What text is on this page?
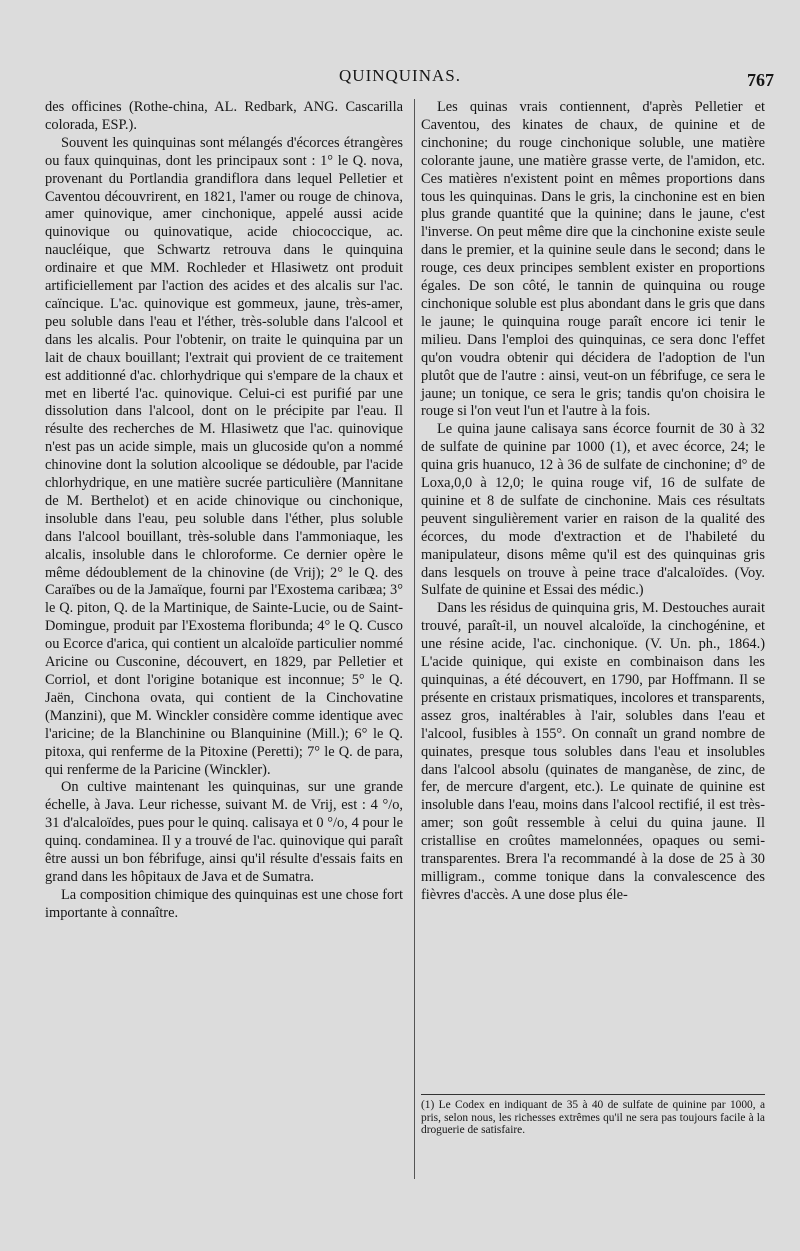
QUINQUINAS.	767

des officines (Rothe-china, AL. Redbark, ANG. Cascarilla colorada, ESP.).

Souvent les quinquinas sont mélangés d'écorces étrangères ou faux quinquinas, dont les principaux sont : 1° le Q. nova, provenant du Portlandia grandiflora dans lequel Pelletier et Caventou découvrirent, en 1821, l'amer ou rouge de chinova, amer quinovique, amer cinchonique, appelé aussi acide quinovique ou quinovatique, acide chiococcique, ac. naucléique, que Schwartz retrouva dans le quinquina ordinaire et que MM. Rochleder et Hlasiwetz ont produit artificiellement par l'action des acides et des alcalis sur l'ac. caïncique. L'ac. quinovique est gommeux, jaune, très-amer, peu soluble dans l'eau et l'éther, très-soluble dans l'alcool et dans les alcalis. Pour l'obtenir, on traite le quinquina par un lait de chaux bouillant; l'extrait qui provient de ce traitement est additionné d'ac. chlorhydrique qui s'empare de la chaux et met en liberté l'ac. quinovique. Celui-ci est purifié par une dissolution dans l'alcool, dont on le précipite par l'eau. Il résulte des recherches de M. Hlasiwetz que l'ac. quinovique n'est pas un acide simple, mais un glucoside qu'on a nommé chinovine dont la solution alcoolique se dédouble, par l'acide chlorhydrique, en une matière sucrée particulière (Mannitane de M. Berthelot) et en acide chinovique ou cinchonique, insoluble dans l'eau, peu soluble dans l'éther, plus soluble dans l'alcool bouillant, très-soluble dans l'ammoniaque, les alcalis, insoluble dans le chloroforme. Ce dernier opère le même dédoublement de la chinovine (de Vrij); 2° le Q. des Caraïbes ou de la Jamaïque, fourni par l'Exostema caribæa; 3° le Q. piton, Q. de la Martinique, de Sainte-Lucie, ou de Saint-Domingue, produit par l'Exostema floribunda; 4° le Q. Cusco ou Ecorce d'arica, qui contient un alcaloïde particulier nommé Aricine ou Cusconine, découvert, en 1829, par Pelletier et Corriol, et dont l'origine botanique est inconnue; 5° le Q. Jaën, Cinchona ovata, qui contient de la Cinchovatine (Manzini), que M. Winckler considère comme identique avec l'aricine; de la Blanchinine ou Blanquinine (Mill.); 6° le Q. pitoxa, qui renferme de la Pitoxine (Peretti); 7° le Q. de para, qui renferme de la Paricine (Winckler).

On cultive maintenant les quinquinas, sur une grande échelle, à Java. Leur richesse, suivant M. de Vrij, est : 4 °/o, 31 d'alcaloïdes, pues pour le quinq. calisaya et 0 °/o, 4 pour le quinq. condaminea. Il y a trouvé de l'ac. quinovique qui paraît être aussi un bon fébrifuge, ainsi qu'il résulte d'essais faits en grand dans les hôpitaux de Java et de Sumatra.

La composition chimique des quinquinas est une chose fort importante à connaître.

Les quinas vrais contiennent, d'après Pelletier et Caventou, des kinates de chaux, de quinine et de cinchonine; du rouge cinchonique soluble, une matière colorante jaune, une matière grasse verte, de l'amidon, etc. Ces matières n'existent point en mêmes proportions dans tous les quinquinas. Dans le gris, la cinchonine est en bien plus grande quantité que la quinine; dans le jaune, c'est l'inverse. On peut même dire que la cinchonine existe seule dans le premier, et la quinine seule dans le second; dans le rouge, ces deux principes semblent exister en proportions égales. De son côté, le tannin de quinquina ou rouge cinchonique soluble est plus abondant dans le gris que dans le jaune; le quinquina rouge paraît encore ici tenir le milieu. Dans l'emploi des quinquinas, ce sera donc l'effet qu'on voudra obtenir qui décidera de l'adoption de l'un plutôt que de l'autre : ainsi, veut-on un fébrifuge, ce sera le jaune; un tonique, ce sera le gris; tandis qu'on choisira le rouge si l'on veut l'un et l'autre à la fois.

Le quina jaune calisaya sans écorce fournit de 30 à 32 de sulfate de quinine par 1000 (1), et avec écorce, 24; le quina gris huanuco, 12 à 36 de sulfate de cinchonine; d° de Loxa,0,0 à 12,0; le quina rouge vif, 16 de sulfate de quinine et 8 de sulfate de cinchonine. Mais ces résultats peuvent singulièrement varier en raison de la qualité des écorces, du mode d'extraction et de l'habileté du manipulateur, disons même qu'il est des quinquinas gris dans lesquels on trouve à peine trace d'alcaloïdes. (Voy. Sulfate de quinine et Essai des médic.)

Dans les résidus de quinquina gris, M. Destouches aurait trouvé, paraît-il, un nouvel alcaloïde, la cinchogénine, et une résine acide, l'ac. cinchonique. (V. Un. ph., 1864.) L'acide quinique, qui existe en combinaison dans les quinquinas, a été découvert, en 1790, par Hoffmann. Il se présente en cristaux prismatiques, incolores et transparents, assez gros, inaltérables à l'air, solubles dans l'eau et l'alcool, fusibles à 155°. On connaît un grand nombre de quinates, presque tous solubles dans l'eau et insolubles dans l'alcool absolu (quinates de manganèse, de zinc, de fer, de mercure d'argent, etc.). Le quinate de quinine est insoluble dans l'eau, moins dans l'alcool rectifié, il est très-amer; son goût ressemble à celui du quina jaune. Il cristallise en croûtes mamelonnées, opaques ou semi-transparentes. Brera l'a recommandé à la dose de 25 à 30 milligram., comme tonique dans la convalescence des fièvres d'accès. A une dose plus éle-

(1) Le Codex en indiquant de 35 à 40 de sulfate de quinine par 1000, a pris, selon nous, les richesses extrêmes qu'il ne sera pas toujours facile à la droguerie de satisfaire.
